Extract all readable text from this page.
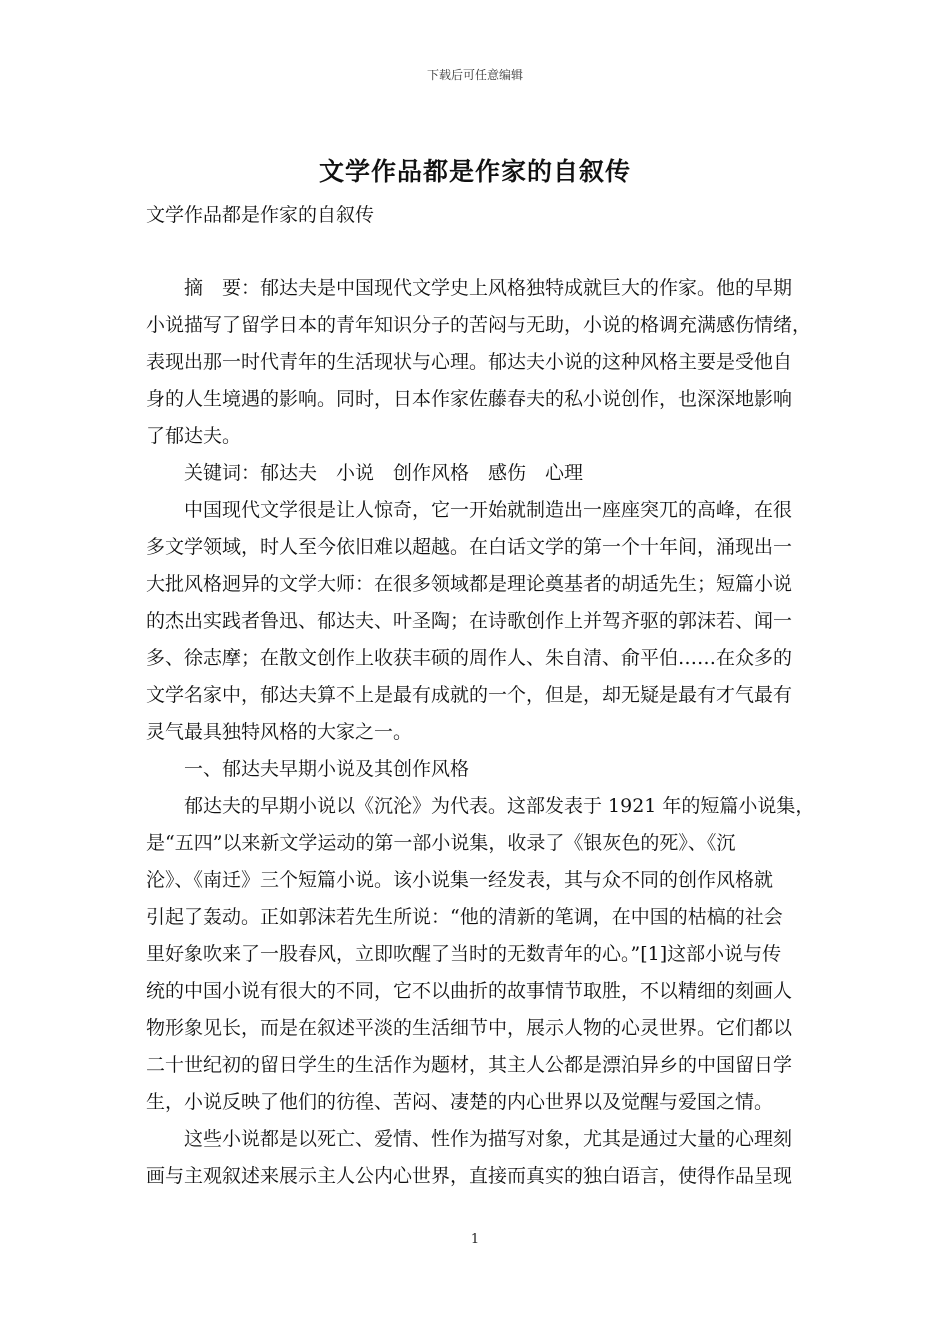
下载后可任意编辑
文学作品都是作家的自叙传
文学作品都是作家的自叙传
摘　要：郁达夫是中国现代文学史上风格独特成就巨大的作家。他的早期
小说描写了留学日本的青年知识分子的苦闷与无助，小说的格调充满感伤情绪，
表现出那一时代青年的生活现状与心理。郁达夫小说的这种风格主要是受他自
身的人生境遇的影响。同时，日本作家佐藤春夫的私小说创作，也深深地影响
了郁达夫。
关键词：郁达夫　小说　创作风格　感伤　心理
中国现代文学很是让人惊奇，它一开始就制造出一座座突兀的高峰，在很
多文学领域，时人至今依旧难以超越。在白话文学的第一个十年间，涌现出一
大批风格迥异的文学大师：在很多领域都是理论奠基者的胡适先生；短篇小说
的杰出实践者鲁迅、郁达夫、叶圣陶；在诗歌创作上并驾齐驱的郭沫若、闻一
多、徐志摩；在散文创作上收获丰硕的周作人、朱自清、俞平伯……在众多的
文学名家中，郁达夫算不上是最有成就的一个，但是，却无疑是最有才气最有
灵气最具独特风格的大家之一。
一、郁达夫早期小说及其创作风格
郁达夫的早期小说以《沉沦》为代表。这部发表于 1921 年的短篇小说集，
是“五四”以来新文学运动的第一部小说集，收录了《银灰色的死》、《沉
沦》、《南迁》三个短篇小说。该小说集一经发表，其与众不同的创作风格就
引起了轰动。正如郭沫若先生所说：“他的清新的笔调，在中国的枯槁的社会
里好象吹来了一股春风，立即吹醒了当时的无数青年的心。”[1]这部小说与传
统的中国小说有很大的不同，它不以曲折的故事情节取胜，不以精细的刻画人
物形象见长，而是在叙述平淡的生活细节中，展示人物的心灵世界。它们都以
二十世纪初的留日学生的生活作为题材，其主人公都是漂泊异乡的中国留日学
生，小说反映了他们的彷徨、苦闷、凄楚的内心世界以及觉醒与爱国之情。
这些小说都是以死亡、爱情、性作为描写对象，尤其是通过大量的心理刻
画与主观叙述来展示主人公内心世界，直接而真实的独白语言，使得作品呈现
1
